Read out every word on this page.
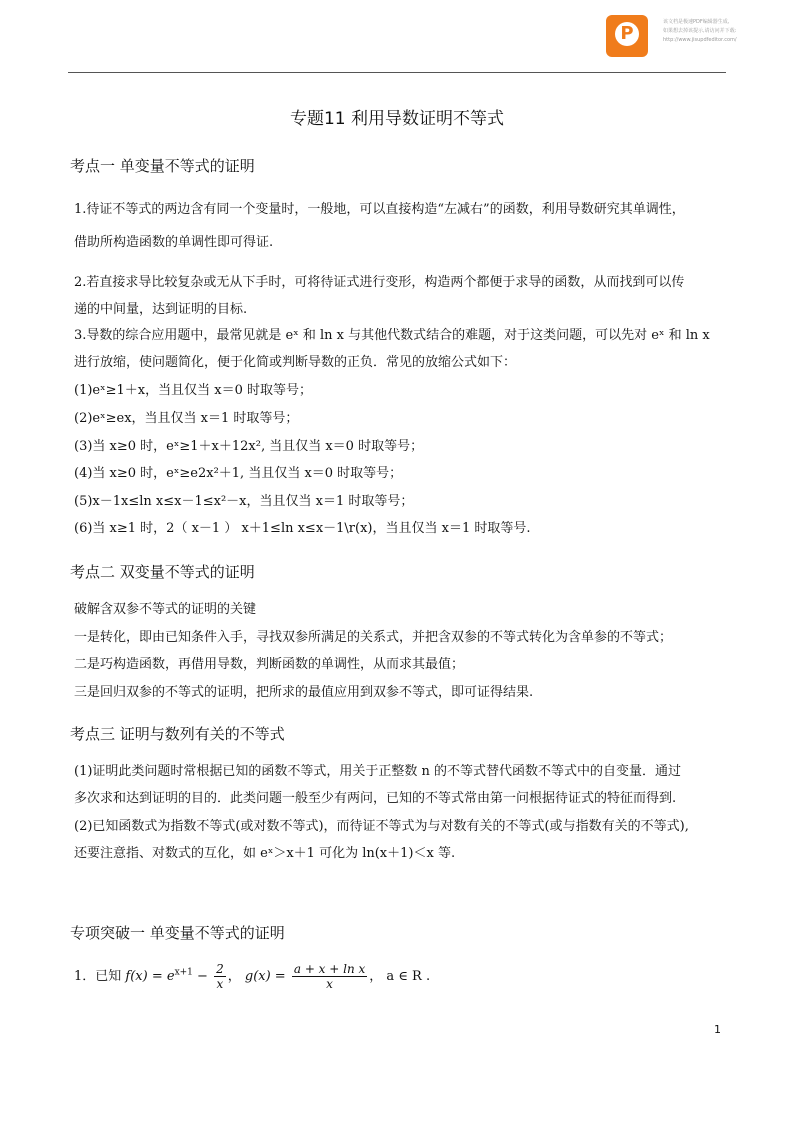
P
该文档是极速PDF编辑器生成,
如果想去掉该提示,请访问并下载:
http://www.jisupdfeditor.com/
专题11 利用导数证明不等式
考点一 单变量不等式的证明
1.待证不等式的两边含有同一个变量时，一般地，可以直接构造“左减右”的函数，利用导数研究其单调性，
借助所构造函数的单调性即可得证.
2.若直接求导比较复杂或无从下手时，可将待证式进行变形，构造两个都便于求导的函数，从而找到可以传
递的中间量，达到证明的目标.
3.导数的综合应用题中，最常见就是 eˣ 和 ln x 与其他代数式结合的难题，对于这类问题，可以先对 eˣ 和 ln x
进行放缩，使问题简化，便于化简或判断导数的正负．常见的放缩公式如下：
(1)eˣ≥1＋x，当且仅当 x＝0 时取等号；
(2)eˣ≥ex，当且仅当 x＝1 时取等号；
(3)当 x≥0 时，eˣ≥1＋x＋12x²‚ 当且仅当 x＝0 时取等号；
(4)当 x≥0 时，eˣ≥e2x²＋1, 当且仅当 x＝0 时取等号；
(5)x－1x≤ln x≤x－1≤x²－x，当且仅当 x＝1 时取等号；
(6)当 x≥1 时，2（ x－1 ） x＋1≤ln x≤x－1\r(x)，当且仅当 x＝1 时取等号.
考点二 双变量不等式的证明
破解含双参不等式的证明的关键
一是转化，即由已知条件入手，寻找双参所满足的关系式，并把含双参的不等式转化为含单参的不等式；
二是巧构造函数，再借用导数，判断函数的单调性，从而求其最值；
三是回归双参的不等式的证明，把所求的最值应用到双参不等式，即可证得结果.
考点三 证明与数列有关的不等式
(1)证明此类问题时常根据已知的函数不等式，用关于正整数 n 的不等式替代函数不等式中的自变量．通过
多次求和达到证明的目的．此类问题一般至少有两问，已知的不等式常由第一问根据待证式的特征而得到.
(2)已知函数式为指数不等式(或对数不等式)，而待证不等式为与对数有关的不等式(或与指数有关的不等式),
还要注意指、对数式的互化，如 eˣ＞x＋1 可化为 ln(x＋1)＜x 等.
专项突破一 单变量不等式的证明
1．已知 $f(x) = e^{x+1} - \frac{2}{x}$ ， $g(x) = \frac{\text{a + x + ln x}}{x}$ ， a ∈ R .
1
